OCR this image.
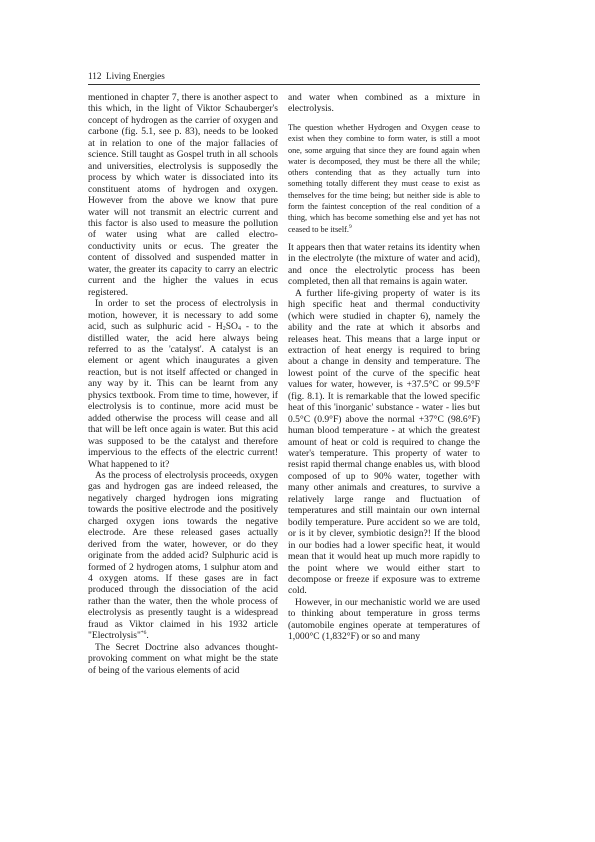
112 Living Energies

mentioned in chapter 7, there is another aspect to this which, in the light of Viktor Schauberger's concept of hydrogen as the carrier of oxygen and carbone (fig. 5.1, see p. 83), needs to be looked at in relation to one of the major fallacies of science. Still taught as Gospel truth in all schools and universities, electrolysis is supposedly the process by which water is dissociated into its constituent atoms of hydrogen and oxygen. However from the above we know that pure water will not transmit an electric current and this factor is also used to measure the pollution of water using what are called electro-conductivity units or ecus. The greater the content of dissolved and suspended matter in water, the greater its capacity to carry an electric current and the higher the values in ecus registered.

In order to set the process of electrolysis in motion, however, it is necessary to add some acid, such as sulphuric acid - $H_2SO_4$ - to the distilled water, the acid here always being referred to as the 'catalyst'. A catalyst is an element or agent which inaugurates a given reaction, but is not itself affected or changed in any way by it. This can be learnt from any physics textbook. From time to time, however, if electrolysis is to continue, more acid must be added otherwise the process will cease and all that will be left once again is water. But this acid was supposed to be the catalyst and therefore impervious to the effects of the electric current! What happened to it?

As the process of electrolysis proceeds, oxygen gas and hydrogen gas are indeed released, the negatively charged hydrogen ions migrating towards the positive electrode and the positively charged oxygen ions towards the negative electrode. Are these released gases actually derived from the water, however, or do they originate from the added acid? Sulphuric acid is formed of 2 hydrogen atoms, 1 sulphur atom and 4 oxygen atoms. If these gases are in fact produced through the dissociation of the acid rather than the water, then the whole process of electrolysis as presently taught is a widespread fraud as Viktor claimed in his 1932 article "Electrolysis"$^{*6}$.

The Secret Doctrine also advances thought-provoking comment on what might be the state of being of the various elements of acid

and water when combined as a mixture in electrolysis.

The question whether Hydrogen and Oxygen cease to exist when they combine to form water, is still a moot one, some arguing that since they are found again when water is decomposed, they must be there all the while; others contending that as they actually turn into something totally different they must cease to exist as themselves for the time being; but neither side is able to form the faintest conception of the real condition of a thing, which has become something else and yet has not ceased to be itself.$^9$

It appears then that water retains its identity when in the electrolyte (the mixture of water and acid), and once the electrolytic process has been completed, then all that remains is again water.

A further life-giving property of water is its high specific heat and thermal conductivity (which were studied in chapter 6), namely the ability and the rate at which it absorbs and releases heat. This means that a large input or extraction of heat energy is required to bring about a change in density and temperature. The lowest point of the curve of the specific heat values for water, however, is +37.5°C or 99.5°F (fig. 8.1). It is remarkable that the lowed specific heat of this 'inorganic' substance - water - lies but 0.5°C (0.9°F) above the normal +37°C (98.6°F) human blood temperature - at which the greatest amount of heat or cold is required to change the water's temperature. This property of water to resist rapid thermal change enables us, with blood composed of up to 90% water, together with many other animals and creatures, to survive a relatively large range and fluctuation of temperatures and still maintain our own internal bodily temperature. Pure accident so we are told, or is it by clever, symbiotic design?! If the blood in our bodies had a lower specific heat, it would mean that it would heat up much more rapidly to the point where we would either start to decompose or freeze if exposure was to extreme cold.

However, in our mechanistic world we are used to thinking about temperature in gross terms (automobile engines operate at temperatures of 1,000°C (1,832°F) or so and many
